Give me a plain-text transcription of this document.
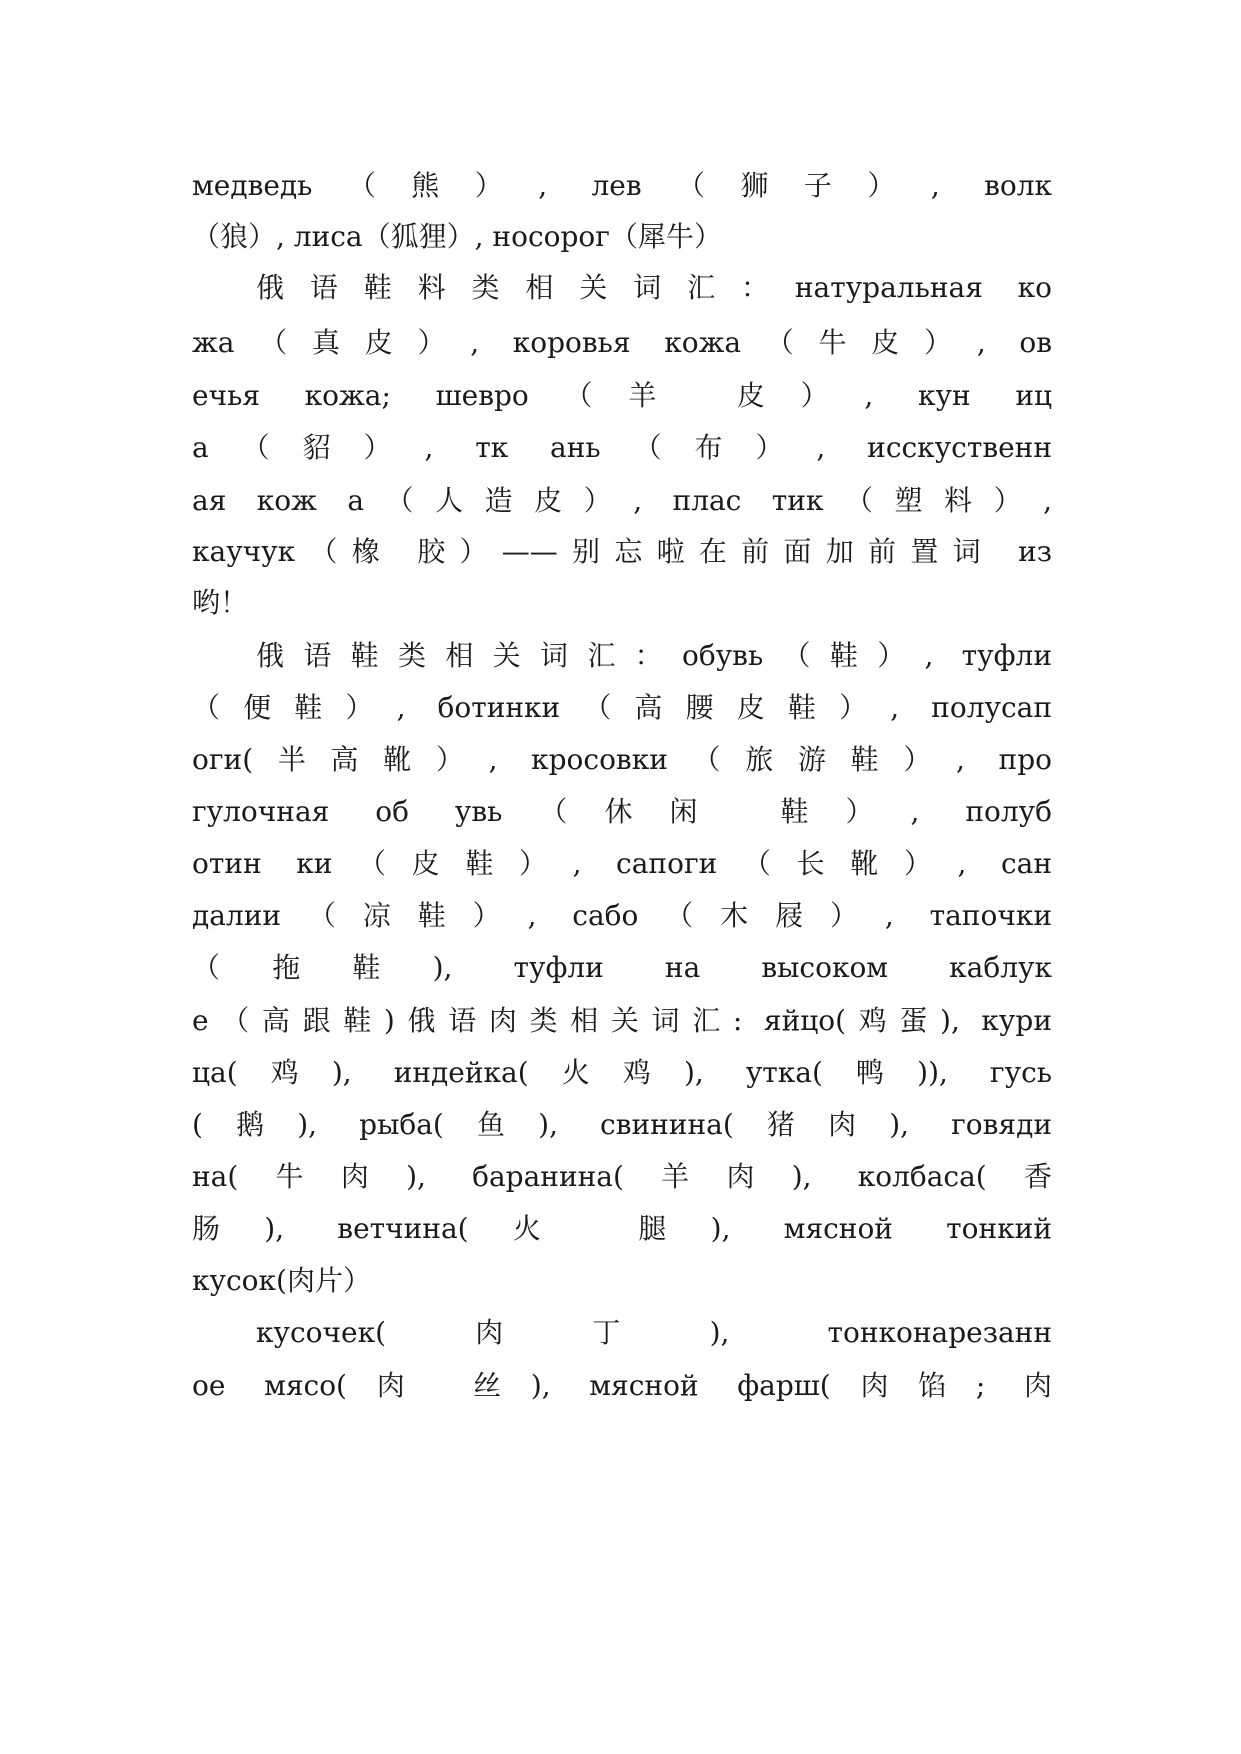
медведь（熊）, лев（狮子）, волк
（狼）, лиса（狐狸）, носорог（犀牛）
俄语鞋料类相关词汇：натуральная ко
жа（真皮）, коровья кожа（牛皮）, ов
ечья кожа; шевро（羊 皮）, кун иц
а（貂）, тк ань（布）, исскуственн
ая кож а（人造皮）, плас тик（塑料）,
каучук（橡 胶）——别忘啦在前面加前置词 из
哟！
俄语鞋类相关词汇：обувь（鞋）, туфли
（便鞋）, ботинки（高腰皮鞋）, полусап
оги(半高靴）, кросовки（旅游鞋）, про
гулочная об увь（休闲 鞋）, полуб
отин ки（皮鞋）, сапоги（长靴）, сан
далии（凉鞋）, сабо（木屐）, тапочки
（拖鞋), туфли на высоком каблук
е（高跟鞋)俄语肉类相关词汇: яйцо(鸡蛋), кури
ца(鸡), индейка(火鸡), утка(鸭)), гусь
(鹅), рыба(鱼), свинина(猪肉), говяди
на(牛肉), баранина(羊肉), колбаса(香
肠), ветчина(火 腿), мясной тонкий
кусок(肉片）
кусочек(肉丁), тонконарезанн
ое мясо(肉 丝), мясной фарш(肉馅; 肉
